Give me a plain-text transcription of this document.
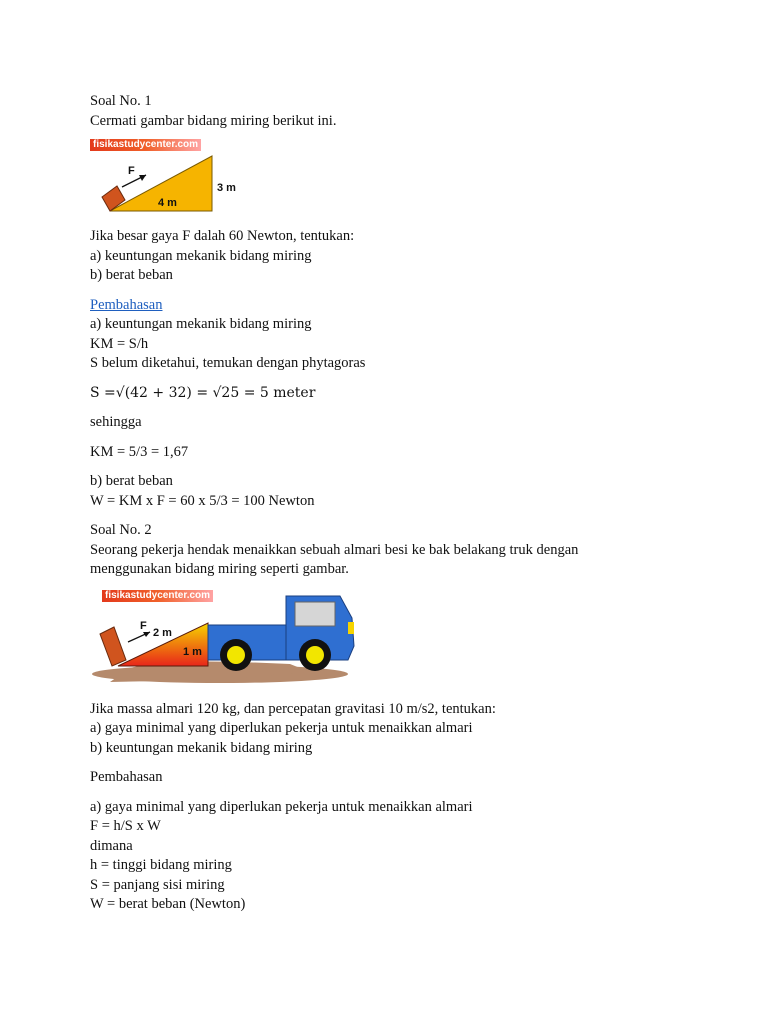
Soal No. 1
Cermati gambar bidang miring berikut ini.
fisikastudycenter.com
F
4 m
3 m
Jika besar gaya F dalah 60 Newton, tentukan:
a) keuntungan mekanik bidang miring
b) berat beban
Pembahasan
a) keuntungan mekanik bidang miring
KM = S/h
S belum diketahui, temukan dengan phytagoras
S =√(42 + 32) = √25 = 5 meter
sehingga
KM = 5/3 = 1,67
b) berat beban
W = KM x F = 60 x 5/3 = 100 Newton
Soal No. 2
Seorang pekerja hendak menaikkan sebuah almari besi ke bak belakang truk dengan
menggunakan bidang miring seperti gambar.
fisikastudycenter.com
F
2 m
1 m
Jika massa almari 120 kg, dan percepatan gravitasi 10 m/s2, tentukan:
a) gaya minimal yang diperlukan pekerja untuk menaikkan almari
b) keuntungan mekanik bidang miring
Pembahasan
a) gaya minimal yang diperlukan pekerja untuk menaikkan almari
F = h/S x W
dimana
h = tinggi bidang miring
S = panjang sisi miring
W = berat beban (Newton)
